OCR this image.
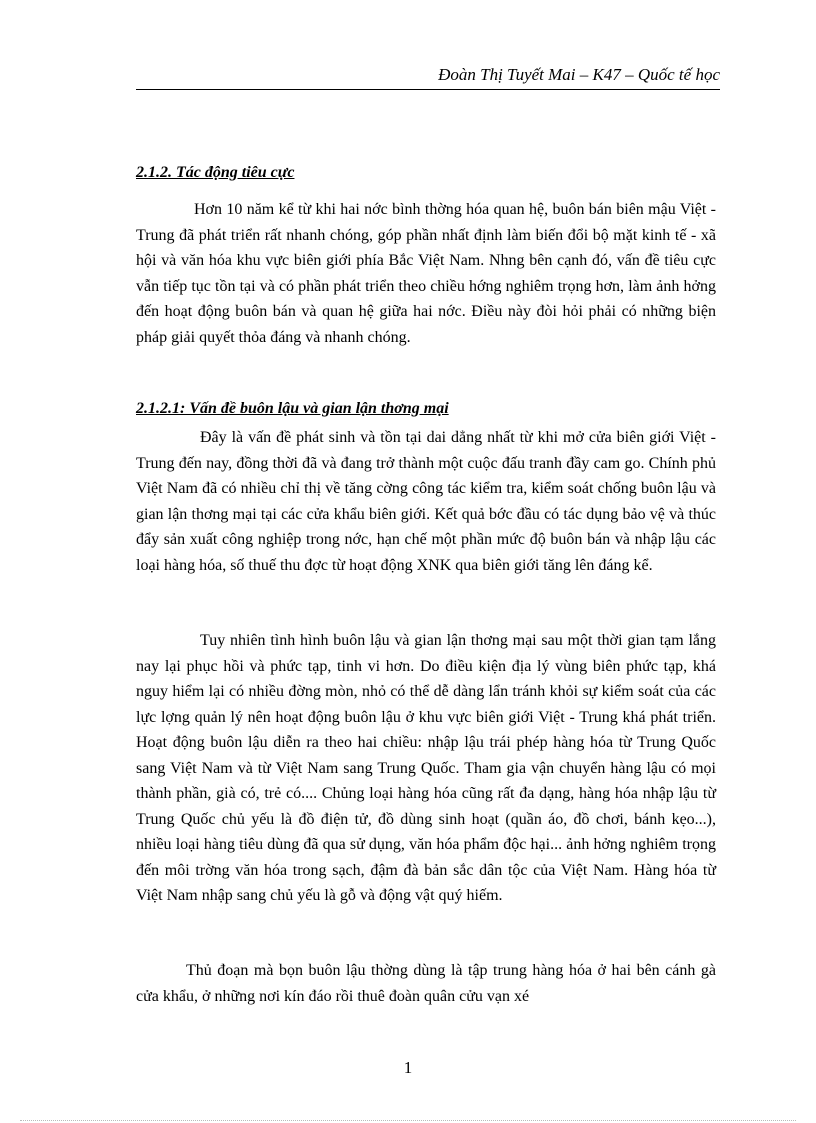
Đoàn Thị Tuyết Mai – K47 – Quốc tế học
2.1.2. Tác động tiêu cực

Hơn 10 năm kể từ khi hai nớc bình thờng hóa quan hệ, buôn bán biên mậu Việt - Trung đã phát triển rất nhanh chóng, góp phần nhất định làm biến đổi bộ mặt kinh tế - xã hội và văn hóa khu vực biên giới phía Bắc Việt Nam. Nhng bên cạnh đó, vấn đề tiêu cực vẫn tiếp tục tồn tại và có phần phát triển theo chiều hớng nghiêm trọng hơn, làm ảnh hởng đến hoạt động buôn bán và quan hệ giữa hai nớc. Điều này đòi hỏi phải có những biện pháp giải quyết thỏa đáng và nhanh chóng.

2.1.2.1: Vấn đề buôn lậu và gian lận thơng mại

Đây là vấn đề phát sinh và tồn tại dai dẳng nhất từ khi mở cửa biên giới Việt - Trung đến nay, đồng thời đã và đang trở thành một cuộc đấu tranh đầy cam go. Chính phủ Việt Nam đã có nhiều chỉ thị về tăng cờng công tác kiểm tra, kiểm soát chống buôn lậu và gian lận thơng mại tại các cửa khẩu biên giới. Kết quả bớc đầu có tác dụng bảo vệ và thúc đẩy sản xuất công nghiệp trong nớc, hạn chế một phần mức độ buôn bán và nhập lậu các loại hàng hóa, số thuế thu đợc từ hoạt động XNK qua biên giới tăng lên đáng kể.

Tuy nhiên tình hình buôn lậu và gian lận thơng mại sau một thời gian tạm lắng nay lại phục hồi và phức tạp, tinh vi hơn. Do điều kiện địa lý vùng biên phức tạp, khá nguy hiểm lại có nhiều đờng mòn, nhỏ có thể dễ dàng lẩn tránh khỏi sự kiểm soát của các lực lợng quản lý nên hoạt động buôn lậu ở khu vực biên giới Việt - Trung khá phát triển. Hoạt động buôn lậu diễn ra theo hai chiều: nhập lậu trái phép hàng hóa từ Trung Quốc sang Việt Nam và từ Việt Nam sang Trung Quốc. Tham gia vận chuyển hàng lậu có mọi thành phần, già có, trẻ có.... Chủng loại hàng hóa cũng rất đa dạng, hàng hóa nhập lậu từ Trung Quốc chủ yếu là đồ điện tử, đồ dùng sinh hoạt (quần áo, đồ chơi, bánh kẹo...), nhiều loại hàng tiêu dùng đã qua sử dụng, văn hóa phẩm độc hại... ảnh hởng nghiêm trọng đến môi trờng văn hóa trong sạch, đậm đà bản sắc dân tộc của Việt Nam. Hàng hóa từ Việt Nam nhập sang chủ yếu là gỗ và động vật quý hiếm.

Thủ đoạn mà bọn buôn lậu thờng dùng là tập trung hàng hóa ở hai bên cánh gà cửa khẩu, ở những nơi kín đáo rồi thuê đoàn quân cửu vạn xé

1
